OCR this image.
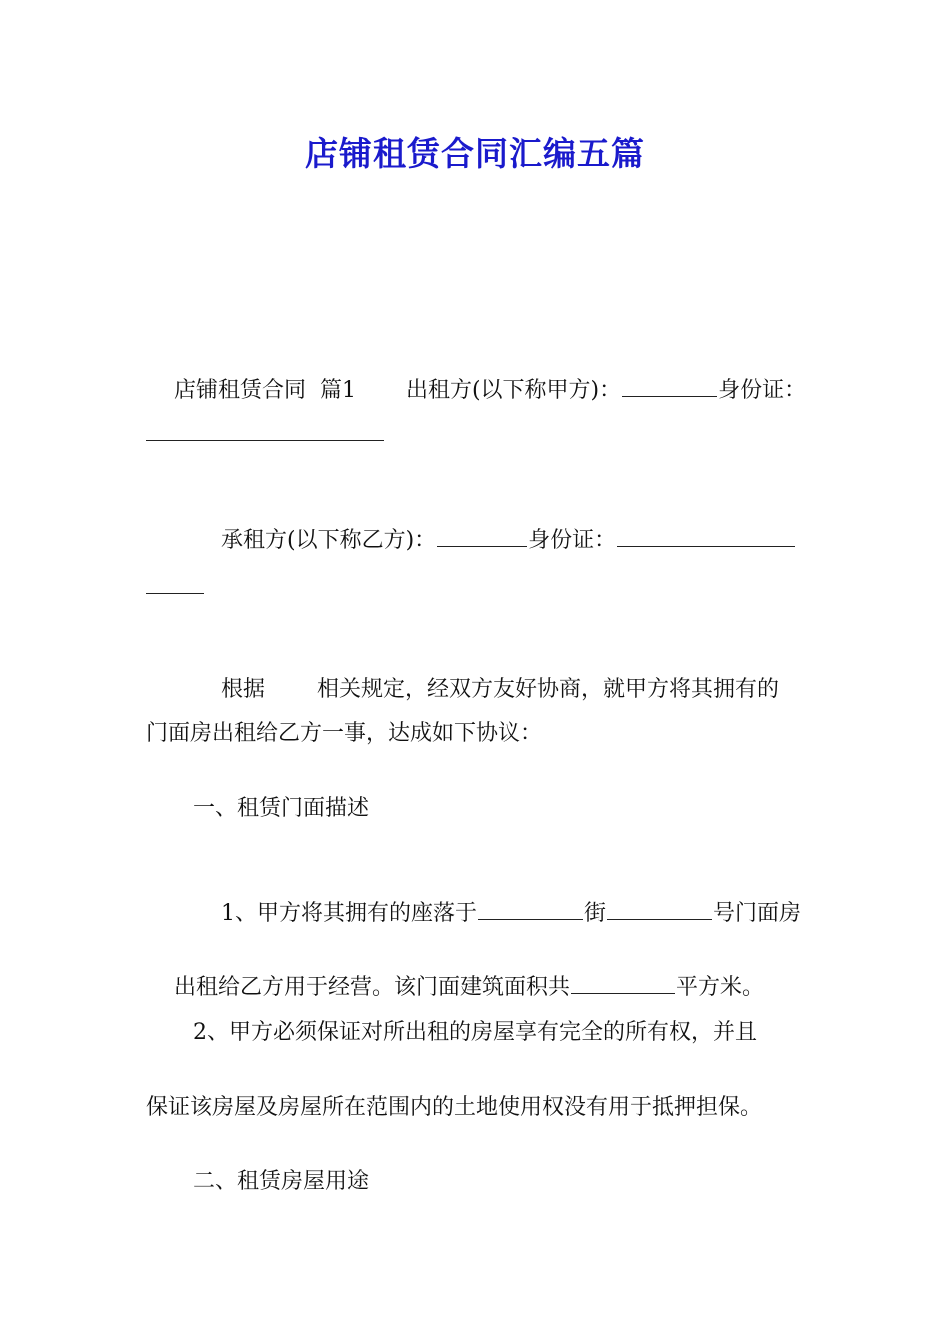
店铺租赁合同汇编五篇

店铺租赁合同  篇1 出租方(以下称甲方)：	身份证：

承租方(以下称乙方)：	身份证：

根据 相关规定，经双方友好协商，就甲方将其拥有的

门面房出租给乙方一事，达成如下协议：
一、租赁门面描述

1、甲方将其拥有的座落于	街	号门面房

出租给乙方用于经营。该门面建筑面积共	平方米。

2、甲方必须保证对所出租的房屋享有完全的所有权，并且
保证该房屋及房屋所在范围内的土地使用权没有用于抵押担保。
二、租赁房屋用途
